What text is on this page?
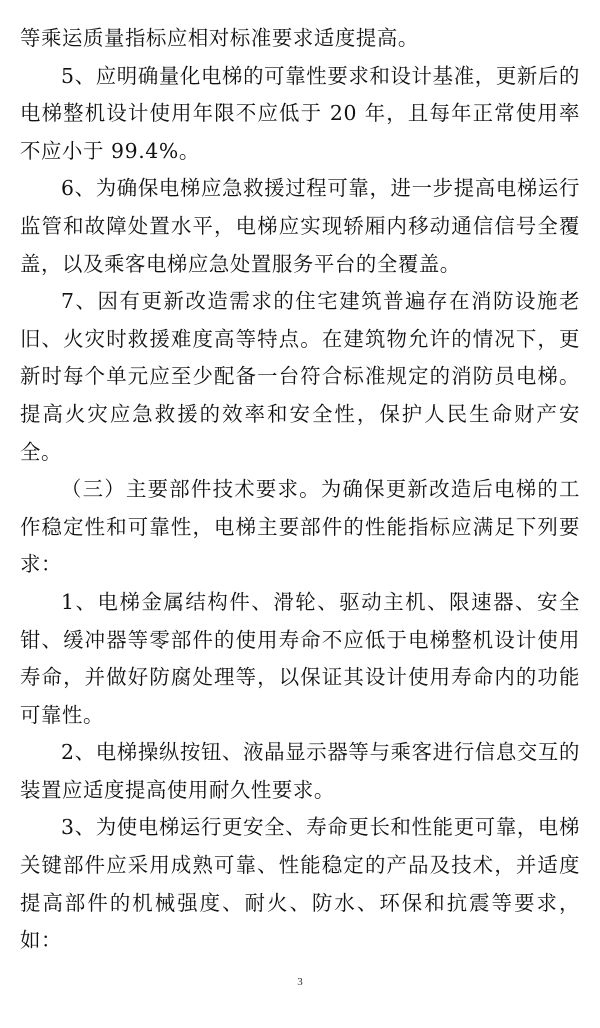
等乘运质量指标应相对标准要求适度提高。

5、应明确量化电梯的可靠性要求和设计基准，更新后的电梯整机设计使用年限不应低于 20 年，且每年正常使用率不应小于 99.4%。

6、为确保电梯应急救援过程可靠，进一步提高电梯运行监管和故障处置水平，电梯应实现轿厢内移动通信信号全覆盖，以及乘客电梯应急处置服务平台的全覆盖。

7、因有更新改造需求的住宅建筑普遍存在消防设施老旧、火灾时救援难度高等特点。在建筑物允许的情况下，更新时每个单元应至少配备一台符合标准规定的消防员电梯。提高火灾应急救援的效率和安全性，保护人民生命财产安全。

（三）主要部件技术要求。为确保更新改造后电梯的工作稳定性和可靠性，电梯主要部件的性能指标应满足下列要求：

1、电梯金属结构件、滑轮、驱动主机、限速器、安全钳、缓冲器等零部件的使用寿命不应低于电梯整机设计使用寿命，并做好防腐处理等，以保证其设计使用寿命内的功能可靠性。

2、电梯操纵按钮、液晶显示器等与乘客进行信息交互的装置应适度提高使用耐久性要求。

3、为使电梯运行更安全、寿命更长和性能更可靠，电梯关键部件应采用成熟可靠、性能稳定的产品及技术，并适度提高部件的机械强度、耐火、防水、环保和抗震等要求，如：

3
